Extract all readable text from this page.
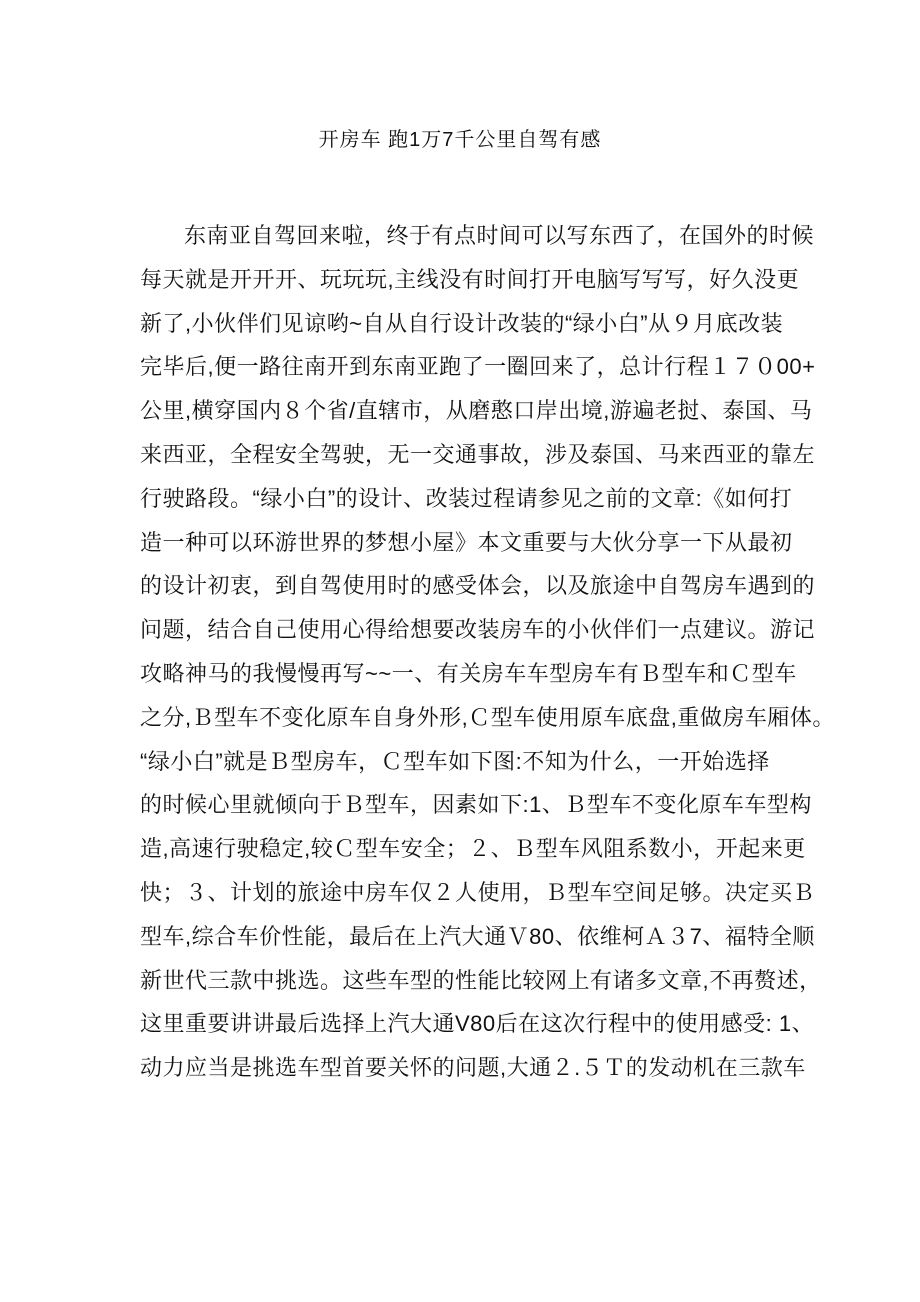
开房车 跑1万7千公里自驾有感
东南亚自驾回来啦，终于有点时间可以写东西了，在国外的时候
每天就是开开开、玩玩玩,主线没有时间打开电脑写写写，好久没更
新了,小伙伴们见谅哟~自从自行设计改装的“绿小白”从９月底改装
完毕后,便一路往南开到东南亚跑了一圈回来了，总计行程１７０00+
公里,横穿国内８个省/直辖市，从磨憨口岸出境,游遍老挝、泰国、马
来西亚，全程安全驾驶，无一交通事故，涉及泰国、马来西亚的靠左
行驶路段。“绿小白”的设计、改装过程请参见之前的文章:《如何打
造一种可以环游世界的梦想小屋》本文重要与大伙分享一下从最初
的设计初衷，到自驾使用时的感受体会，以及旅途中自驾房车遇到的
问题，结合自己使用心得给想要改装房车的小伙伴们一点建议。游记
攻略神马的我慢慢再写~~一、有关房车车型房车有Ｂ型车和Ｃ型车
之分,Ｂ型车不变化原车自身外形,Ｃ型车使用原车底盘,重做房车厢体。
“绿小白”就是Ｂ型房车，Ｃ型车如下图:不知为什么，一开始选择
的时候心里就倾向于Ｂ型车，因素如下:1、Ｂ型车不变化原车车型构
造,高速行驶稳定,较Ｃ型车安全；２、Ｂ型车风阻系数小，开起来更
快；３、计划的旅途中房车仅２人使用，Ｂ型车空间足够。决定买Ｂ
型车,综合车价性能，最后在上汽大通Ｖ80、依维柯Ａ３7、福特全顺
新世代三款中挑选。这些车型的性能比较网上有诸多文章,不再赘述，
这里重要讲讲最后选择上汽大通V80后在这次行程中的使用感受: 1、
动力应当是挑选车型首要关怀的问题,大通２.５Ｔ的发动机在三款车
